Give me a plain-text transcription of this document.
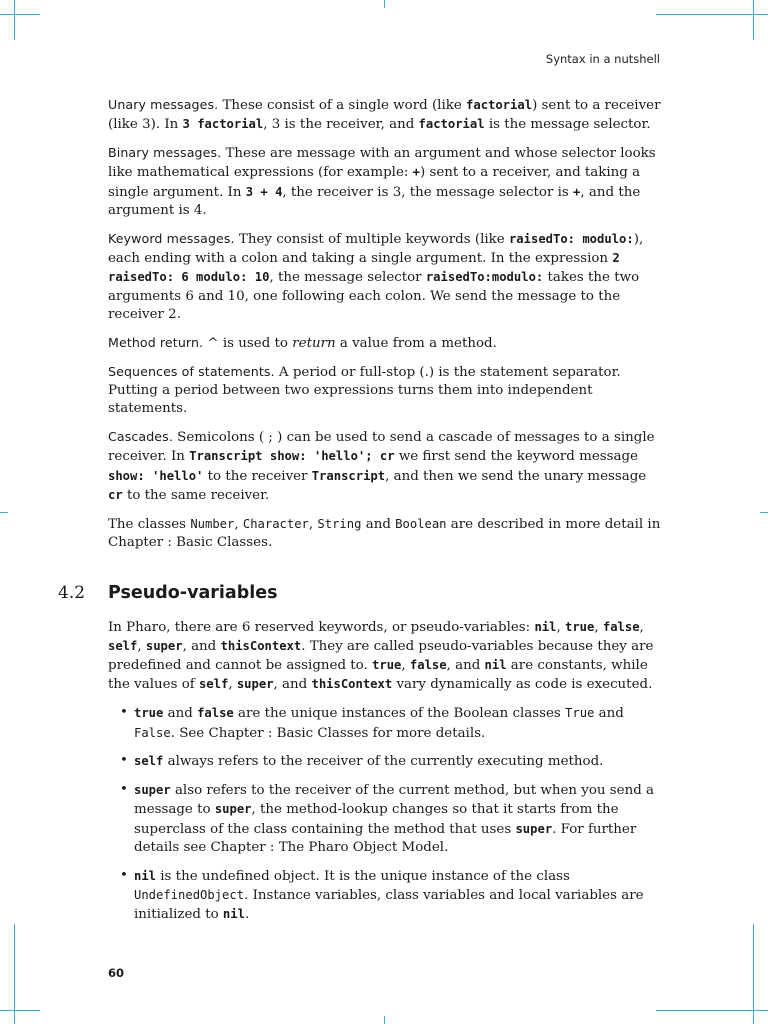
Syntax in a nutshell

Unary messages. These consist of a single word (like factorial) sent to a receiver (like 3). In 3 factorial, 3 is the receiver, and factorial is the message selector.

Binary messages. These are message with an argument and whose selector looks like mathematical expressions (for example: +) sent to a receiver, and taking a single argument. In 3 + 4, the receiver is 3, the message selector is +, and the argument is 4.

Keyword messages. They consist of multiple keywords (like raisedTo: modulo:), each ending with a colon and taking a single argument. In the expression 2 raisedTo: 6 modulo: 10, the message selector raisedTo:modulo: takes the two arguments 6 and 10, one following each colon. We send the message to the receiver 2.

Method return. ^ is used to return a value from a method.

Sequences of statements. A period or full-stop (.) is the statement separator. Putting a period between two expressions turns them into independent statements.

Cascades. Semicolons ( ; ) can be used to send a cascade of messages to a single receiver. In Transcript show: 'hello'; cr we first send the keyword message show: 'hello' to the receiver Transcript, and then we send the unary message cr to the same receiver.

The classes Number, Character, String and Boolean are described in more detail in Chapter : Basic Classes.

4.2 Pseudo-variables

In Pharo, there are 6 reserved keywords, or pseudo-variables: nil, true, false, self, super, and thisContext. They are called pseudo-variables because they are predefined and cannot be assigned to. true, false, and nil are constants, while the values of self, super, and thisContext vary dynamically as code is executed.

• true and false are the unique instances of the Boolean classes True and False. See Chapter : Basic Classes for more details.
• self always refers to the receiver of the currently executing method.
• super also refers to the receiver of the current method, but when you send a message to super, the method-lookup changes so that it starts from the superclass of the class containing the method that uses super. For further details see Chapter : The Pharo Object Model.
• nil is the undefined object. It is the unique instance of the class UndefinedObject. Instance variables, class variables and local variables are initialized to nil.
60
